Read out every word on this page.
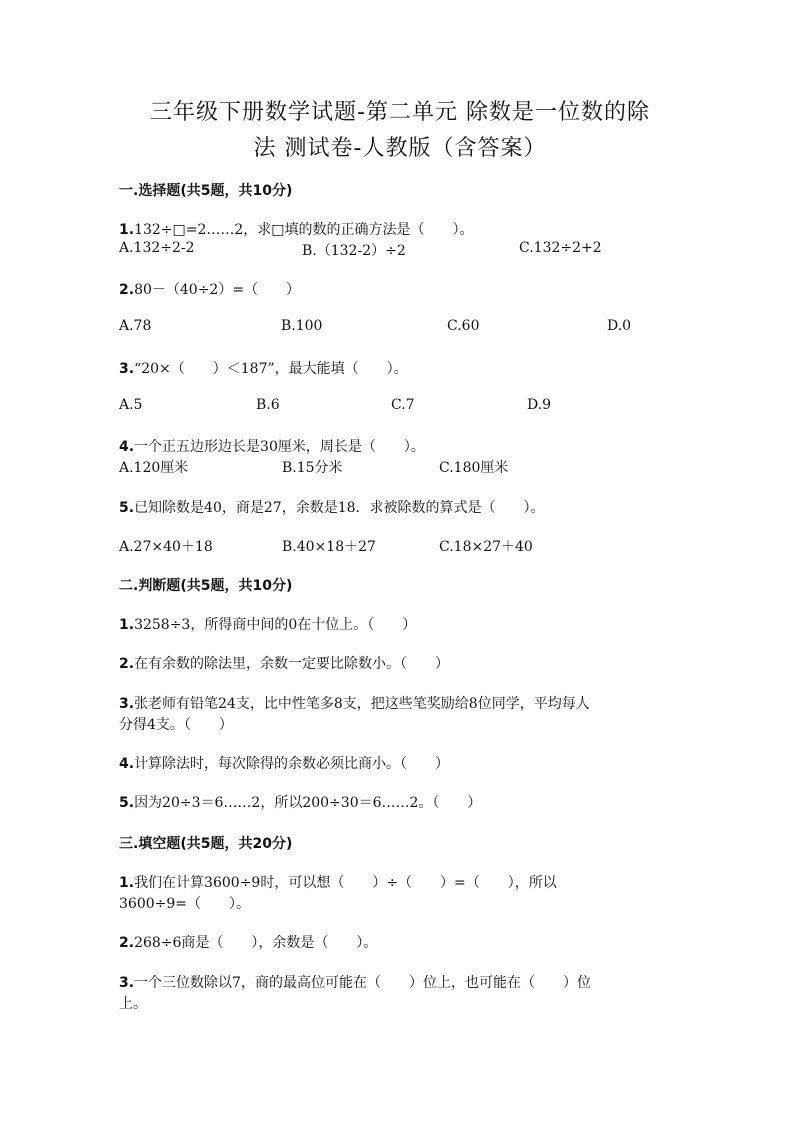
三年级下册数学试题-第二单元 除数是一位数的除
法 测试卷-人教版（含答案）
一.选择题(共5题，共10分)
1.132÷□=2……2，求□填的数的正确方法是（　　）。
A.132÷2-2	B.（132-2）÷2	C.132÷2+2
2.80－（40÷2）=（　　）
A.78	B.100	C.60	D.0
3.“20×（　　）＜187”，最大能填（　　）。
A.5	B.6	C.7	D.9
4.一个正五边形边长是30厘米，周长是（　　）。
A.120厘米	B.15分米	C.180厘米
5.已知除数是40，商是27，余数是18．求被除数的算式是（　　）。
A.27×40＋18	B.40×18＋27	C.18×27＋40
二.判断题(共5题，共10分)
1.3258÷3，所得商中间的0在十位上。（　　）
2.在有余数的除法里，余数一定要比除数小。（　　）
3.张老师有铅笔24支，比中性笔多8支，把这些笔奖励给8位同学，平均每人
分得4支。（　　）
4.计算除法时，每次除得的余数必须比商小。（　　）
5.因为20÷3＝6……2，所以200÷30＝6……2。（　　）
三.填空题(共5题，共20分)
1.我们在计算3600÷9时，可以想（　　）÷（　　）=（　　），所以
3600÷9=（　　）。
2.268÷6商是（　　），余数是（　　）。
3.一个三位数除以7，商的最高位可能在（　　）位上，也可能在（　　）位
上。
